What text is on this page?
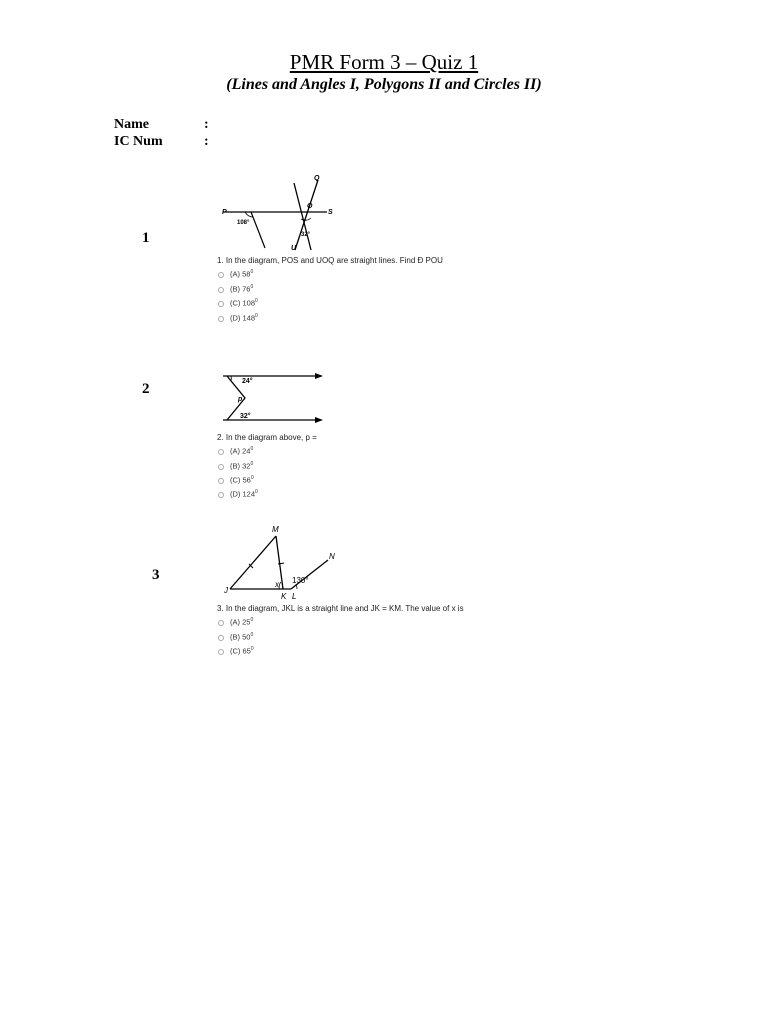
PMR Form 3 – Quiz 1
(Lines and Angles I, Polygons II and Circles II)
Name	:
IC Num	:
1
Q
P
O
S
U
108°
32°
1. In the diagram, POS and UOQ are straight lines. Find Ð POU
(A) $58^0$
(B) $76^0$
(C) $108^0$
(D) $148^0$
2	24°
p
32°
2. In the diagram above, p =
(A) $24^0$
(B) $32^0$
(C) $56^0$
(D) $124^0$
3
M
N
J
x 130°
K L
3. In the diagram, JKL is a straight line and JK = KM. The value of x is
(A) $25^0$
(B) $50^0$
(C) $65^0$
